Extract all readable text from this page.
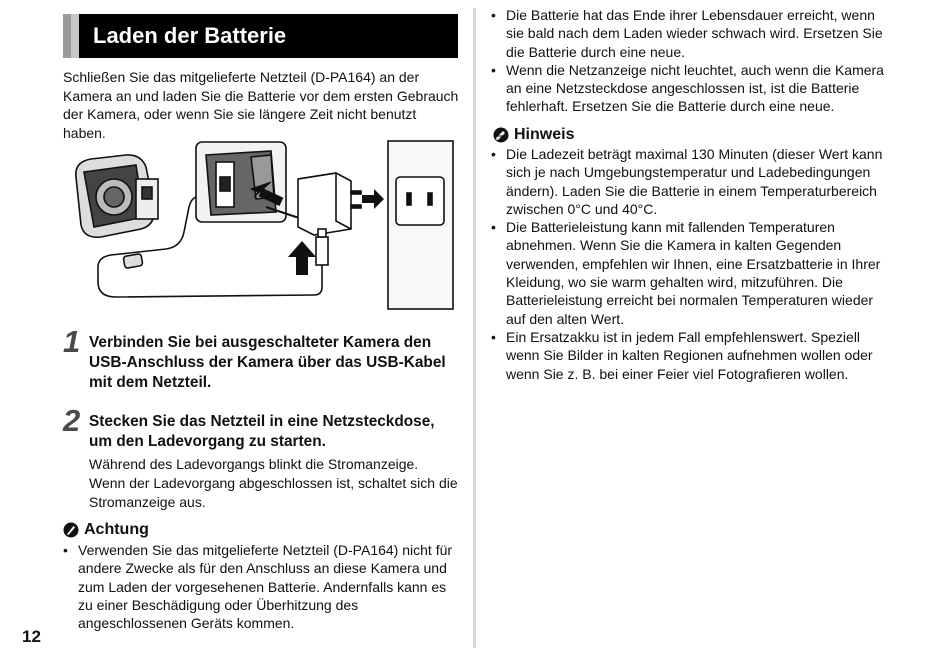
Laden der Batterie
Schließen Sie das mitgelieferte Netzteil (D-PA164) an der Kamera an und laden Sie die Batterie vor dem ersten Gebrauch der Kamera, oder wenn Sie sie längere Zeit nicht benutzt haben.
1 Verbinden Sie bei ausgeschalteter Kamera den USB-Anschluss der Kamera über das USB-Kabel mit dem Netzteil.
2 Stecken Sie das Netzteil in eine Netzsteckdose, um den Ladevorgang zu starten.
Während des Ladevorgangs blinkt die Stromanzeige.
Wenn der Ladevorgang abgeschlossen ist, schaltet sich die Stromanzeige aus.
Achtung
• Verwenden Sie das mitgelieferte Netzteil (D-PA164) nicht für andere Zwecke als für den Anschluss an diese Kamera und zum Laden der vorgesehenen Batterie. Andernfalls kann es zu einer Beschädigung oder Überhitzung des angeschlossenen Geräts kommen.
• Die Batterie hat das Ende ihrer Lebensdauer erreicht, wenn sie bald nach dem Laden wieder schwach wird. Ersetzen Sie die Batterie durch eine neue.
• Wenn die Netzanzeige nicht leuchtet, auch wenn die Kamera an eine Netzsteckdose angeschlossen ist, ist die Batterie fehlerhaft. Ersetzen Sie die Batterie durch eine neue.
Hinweis
• Die Ladezeit beträgt maximal 130 Minuten (dieser Wert kann sich je nach Umgebungstemperatur und Ladebedingungen ändern). Laden Sie die Batterie in einem Temperaturbereich zwischen 0°C und 40°C.
• Die Batterieleistung kann mit fallenden Temperaturen abnehmen. Wenn Sie die Kamera in kalten Gegenden verwenden, empfehlen wir Ihnen, eine Ersatzbatterie in Ihrer Kleidung, wo sie warm gehalten wird, mitzuführen. Die Batterieleistung erreicht bei normalen Temperaturen wieder auf den alten Wert.
• Ein Ersatzakku ist in jedem Fall empfehlenswert. Speziell wenn Sie Bilder in kalten Regionen aufnehmen wollen oder wenn Sie z. B. bei einer Feier viel Fotografieren wollen.
12
